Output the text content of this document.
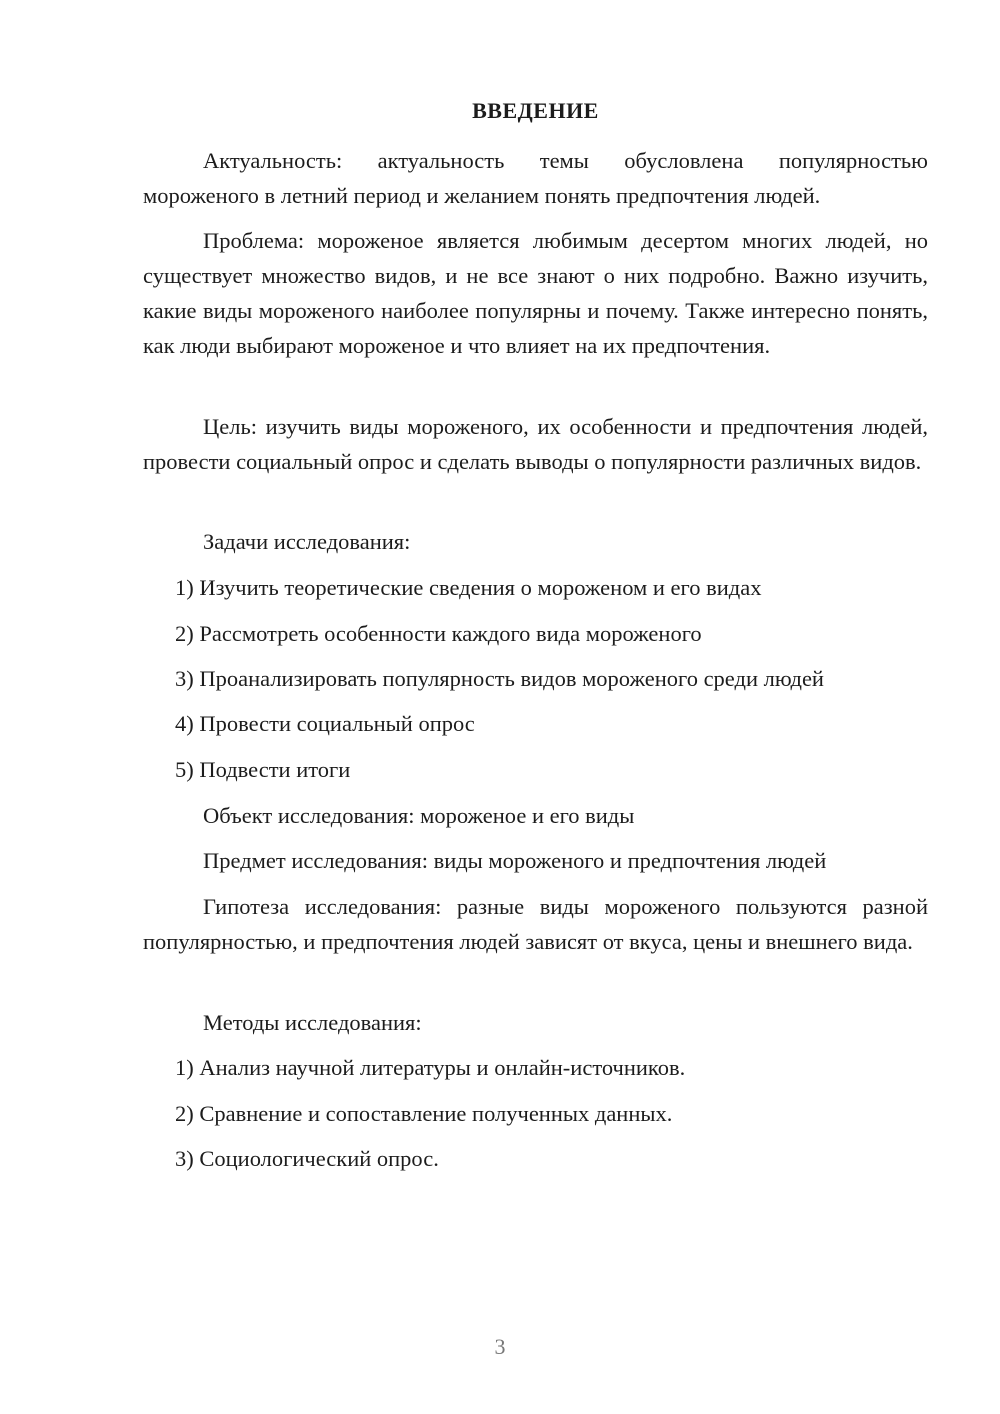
ВВЕДЕНИЕ

Актуальность: актуальность темы обусловлена популярностью мороженого в летний период и желанием понять предпочтения людей.

Проблема: мороженое является любимым десертом многих людей, но существует множество видов, и не все знают о них подробно. Важно изучить, какие виды мороженого наиболее популярны и почему. Также интересно понять, как люди выбирают мороженое и что влияет на их предпочтения.

Цель: изучить виды мороженого, их особенности и предпочтения людей, провести социальный опрос и сделать выводы о популярности различных видов.

Задачи исследования:

1) Изучить теоретические сведения о мороженом и его видах

2) Рассмотреть особенности каждого вида мороженого

3) Проанализировать популярность видов мороженого среди людей

4) Провести социальный опрос

5) Подвести итоги

Объект исследования: мороженое и его виды

Предмет исследования: виды мороженого и предпочтения людей

Гипотеза исследования: разные виды мороженого пользуются разной популярностью, и предпочтения людей зависят от вкуса, цены и внешнего вида.

Методы исследования:

1) Анализ научной литературы и онлайн-источников.

2) Сравнение и сопоставление полученных данных.

3) Социологический опрос.

3
